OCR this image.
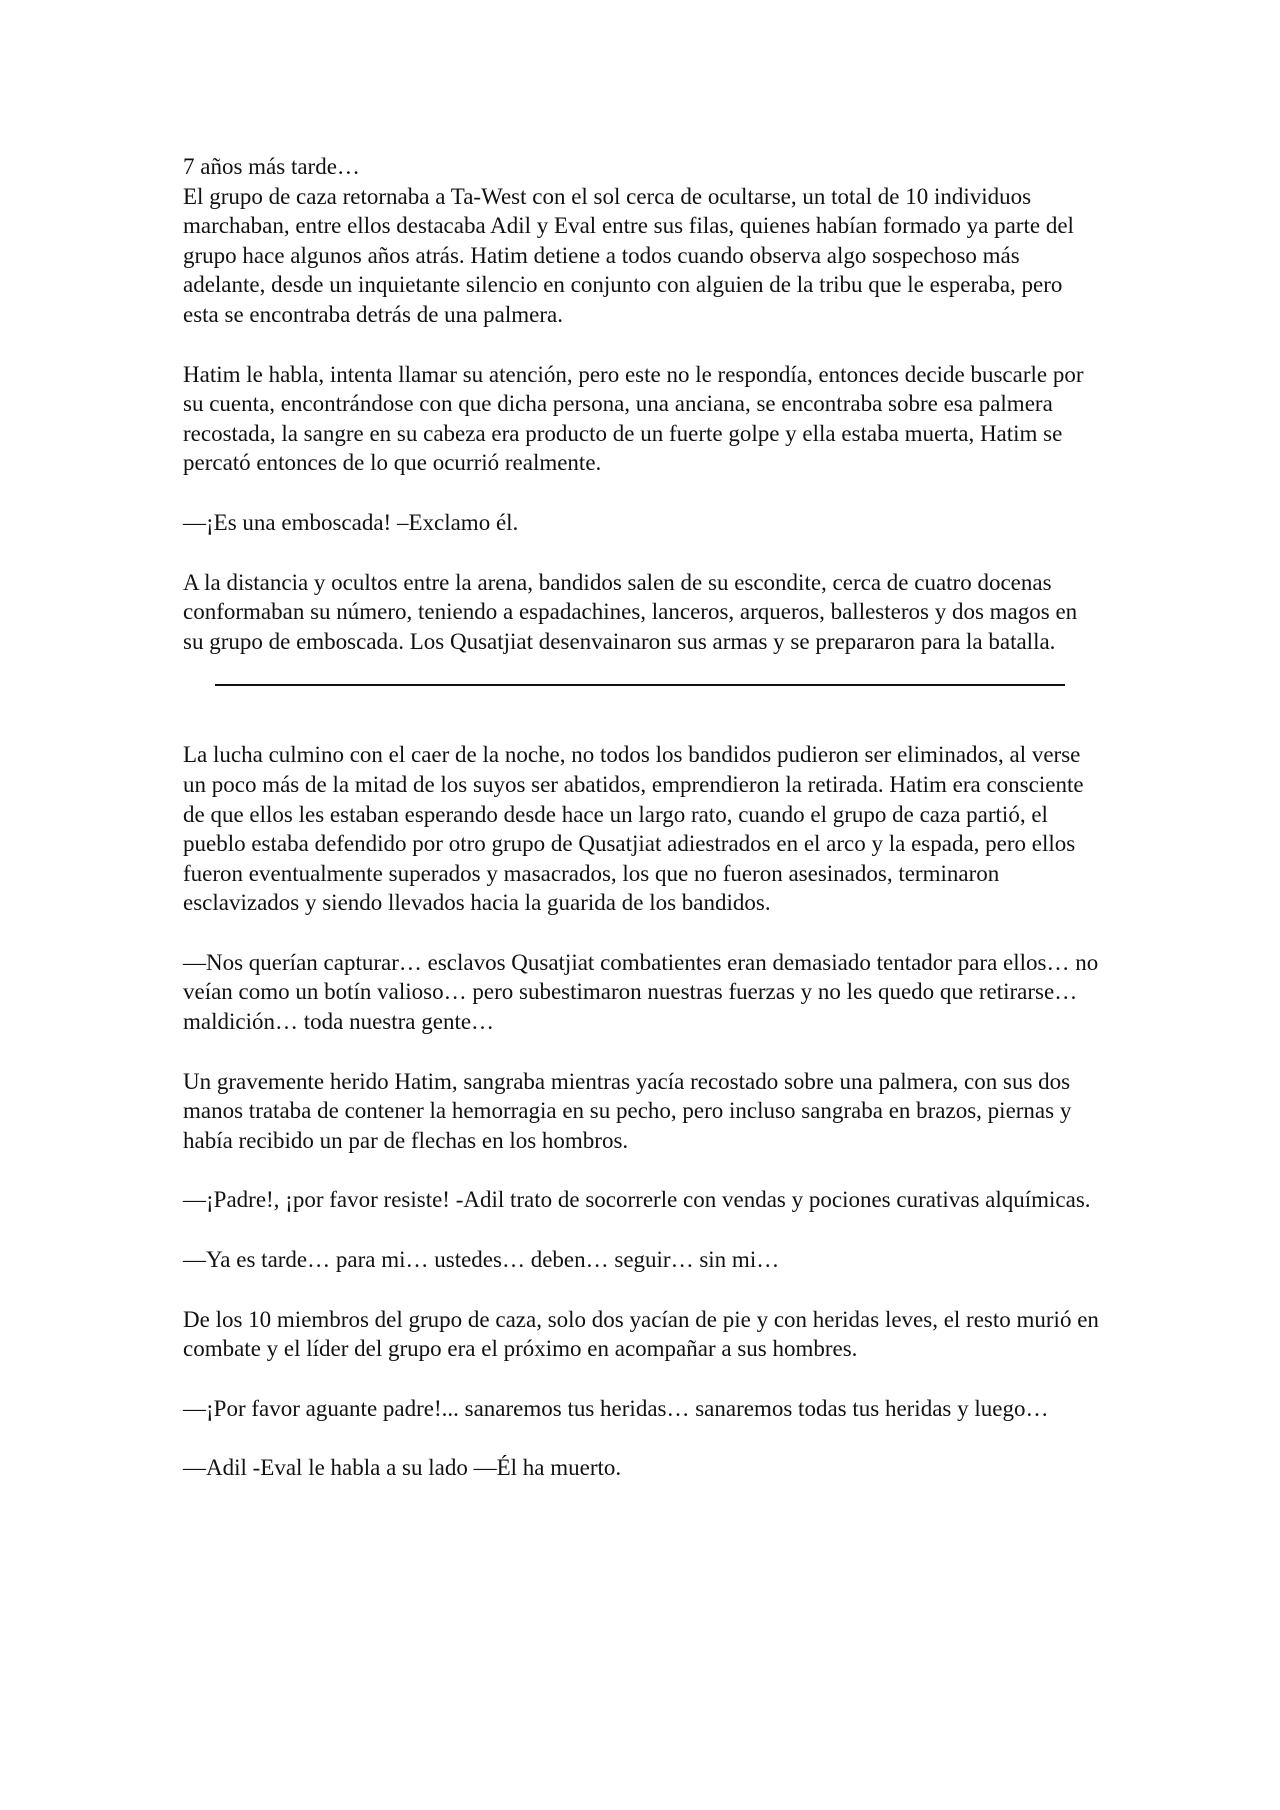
7 años más tarde…

El grupo de caza retornaba a Ta-West con el sol cerca de ocultarse, un total de 10 individuos marchaban, entre ellos destacaba Adil y Eval entre sus filas, quienes habían formado ya parte del grupo hace algunos años atrás. Hatim detiene a todos cuando observa algo sospechoso más adelante, desde un inquietante silencio en conjunto con alguien de la tribu que le esperaba, pero esta se encontraba detrás de una palmera.

Hatim le habla, intenta llamar su atención, pero este no le respondía, entonces decide buscarle por su cuenta, encontrándose con que dicha persona, una anciana, se encontraba sobre esa palmera recostada, la sangre en su cabeza era producto de un fuerte golpe y ella estaba muerta, Hatim se percató entonces de lo que ocurrió realmente.

—¡Es una emboscada! –Exclamo él.

A la distancia y ocultos entre la arena, bandidos salen de su escondite, cerca de cuatro docenas conformaban su número, teniendo a espadachines, lanceros, arqueros, ballesteros y dos magos en su grupo de emboscada. Los Qusatjiat desenvainaron sus armas y se prepararon para la batalla.

La lucha culmino con el caer de la noche, no todos los bandidos pudieron ser eliminados, al verse un poco más de la mitad de los suyos ser abatidos, emprendieron la retirada. Hatim era consciente de que ellos les estaban esperando desde hace un largo rato, cuando el grupo de caza partió, el pueblo estaba defendido por otro grupo de Qusatjiat adiestrados en el arco y la espada, pero ellos fueron eventualmente superados y masacrados, los que no fueron asesinados, terminaron esclavizados y siendo llevados hacia la guarida de los bandidos.

—Nos querían capturar… esclavos Qusatjiat combatientes eran demasiado tentador para ellos… no veían como un botín valioso… pero subestimaron nuestras fuerzas y no les quedo que retirarse… maldición… toda nuestra gente…

Un gravemente herido Hatim, sangraba mientras yacía recostado sobre una palmera, con sus dos manos trataba de contener la hemorragia en su pecho, pero incluso sangraba en brazos, piernas y había recibido un par de flechas en los hombros.

—¡Padre!, ¡por favor resiste! -Adil trato de socorrerle con vendas y pociones curativas alquímicas.

—Ya es tarde… para mi… ustedes… deben… seguir… sin mi…

De los 10 miembros del grupo de caza, solo dos yacían de pie y con heridas leves, el resto murió en combate y el líder del grupo era el próximo en acompañar a sus hombres.

—¡Por favor aguante padre!... sanaremos tus heridas… sanaremos todas tus heridas y luego…

—Adil -Eval le habla a su lado —Él ha muerto.
